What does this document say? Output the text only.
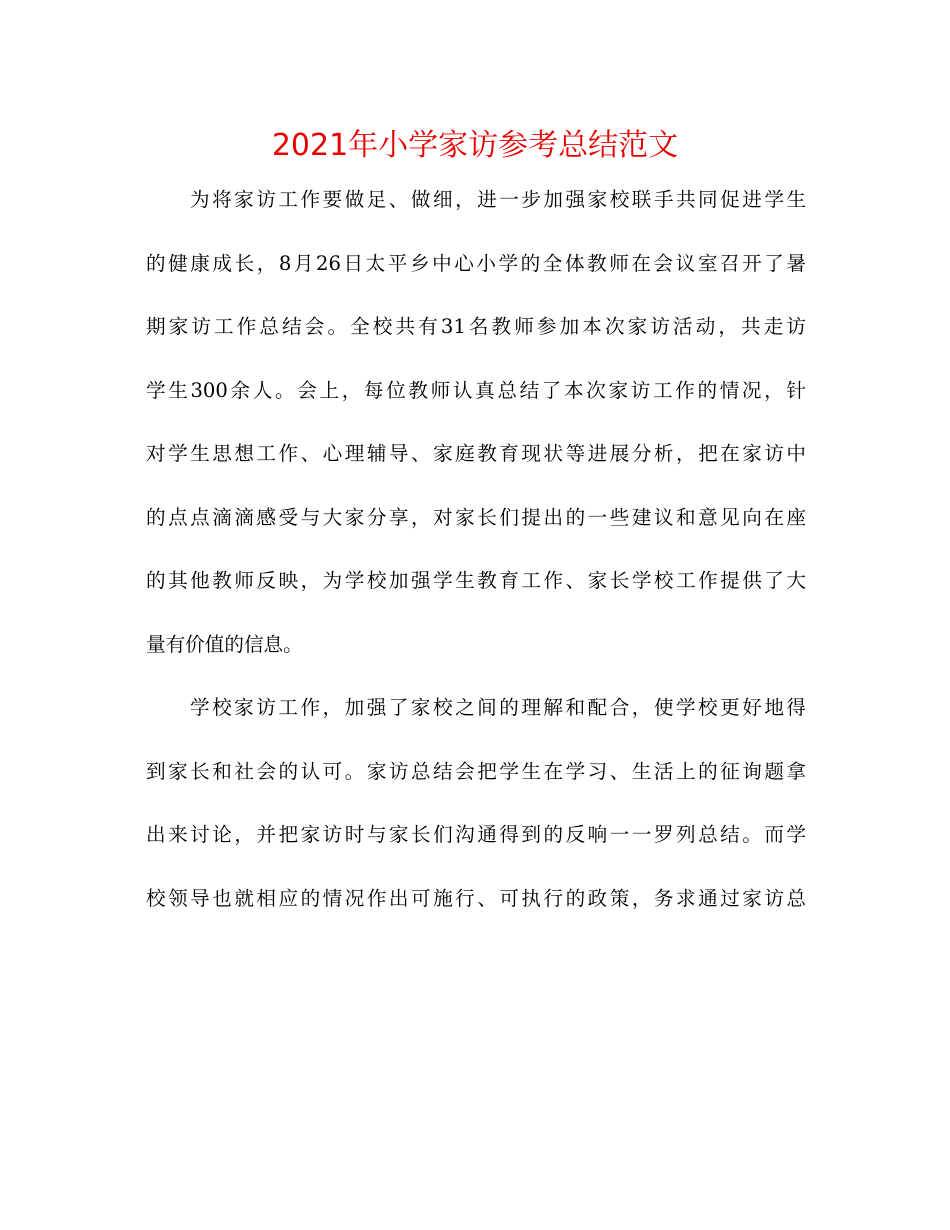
2021年小学家访参考总结范文
为将家访工作要做足、做细，进一步加强家校联手共同促进学生
的健康成长，8月26日太平乡中心小学的全体教师在会议室召开了暑
期家访工作总结会。全校共有31名教师参加本次家访活动，共走访
学生300余人。会上，每位教师认真总结了本次家访工作的情况，针
对学生思想工作、心理辅导、家庭教育现状等进展分析，把在家访中
的点点滴滴感受与大家分享，对家长们提出的一些建议和意见向在座
的其他教师反映，为学校加强学生教育工作、家长学校工作提供了大
量有价值的信息。
学校家访工作，加强了家校之间的理解和配合，使学校更好地得
到家长和社会的认可。家访总结会把学生在学习、生活上的征询题拿
出来讨论，并把家访时与家长们沟通得到的反响一一罗列总结。而学
校领导也就相应的情况作出可施行、可执行的政策，务求通过家访总
